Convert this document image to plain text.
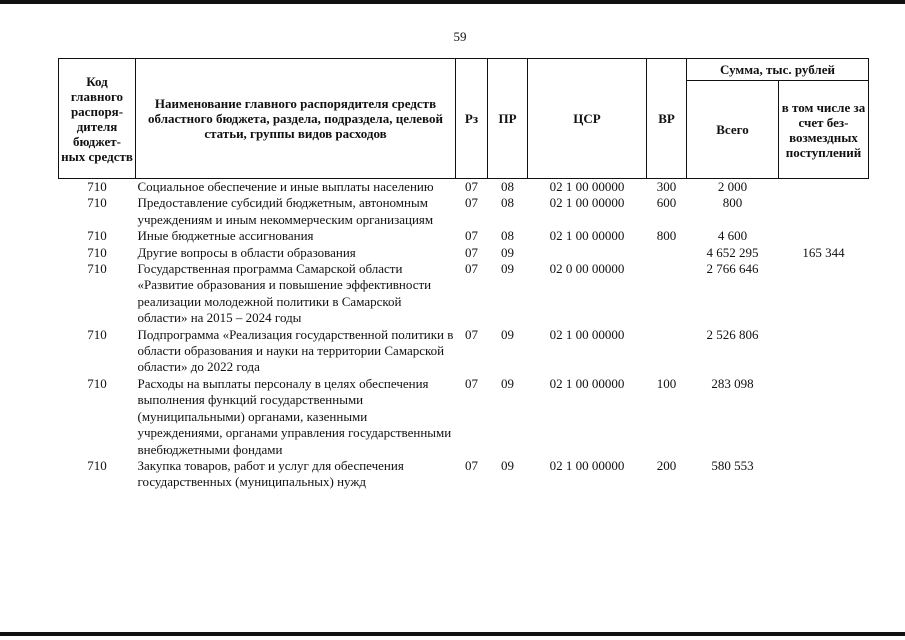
59
Код главного распоря-дителя бюджет-ных средств	Наименование главного распорядителя средств областного бюджета, раздела, подраздела, целевой статьи, группы видов расходов	Рз	ПР	ЦСР	ВР	Сумма, тыс. рублей	
						Всего	в том числе за счет без-возмездных поступлений
710	Социальное обеспечение и иные выплаты населению	07	08	02 1 00 00000	300	2 000	
710	Предоставление субсидий бюджетным, автономным учреждениям и иным некоммерческим организациям	07	08	02 1 00 00000	600	800	
710	Иные бюджетные ассигнования	07	08	02 1 00 00000	800	4 600	
710	Другие вопросы в области образования	07	09			4 652 295	165 344
710	Государственная программа Самарской области «Развитие образования и повышение эффективности реализации молодежной политики в Самарской области» на 2015 – 2024 годы	07	09	02 0 00 00000		2 766 646	
710	Подпрограмма «Реализация государственной политики в области образования и науки на территории Самарской области» до 2022 года	07	09	02 1 00 00000		2 526 806	
710	Расходы на выплаты персоналу в целях обеспечения выполнения функций государственными (муниципальными) органами, казенными учреждениями, органами управления государственными внебюджетными фондами	07	09	02 1 00 00000	100	283 098	
710	Закупка товаров, работ и услуг для обеспечения государственных (муниципальных) нужд	07	09	02 1 00 00000	200	580 553	
